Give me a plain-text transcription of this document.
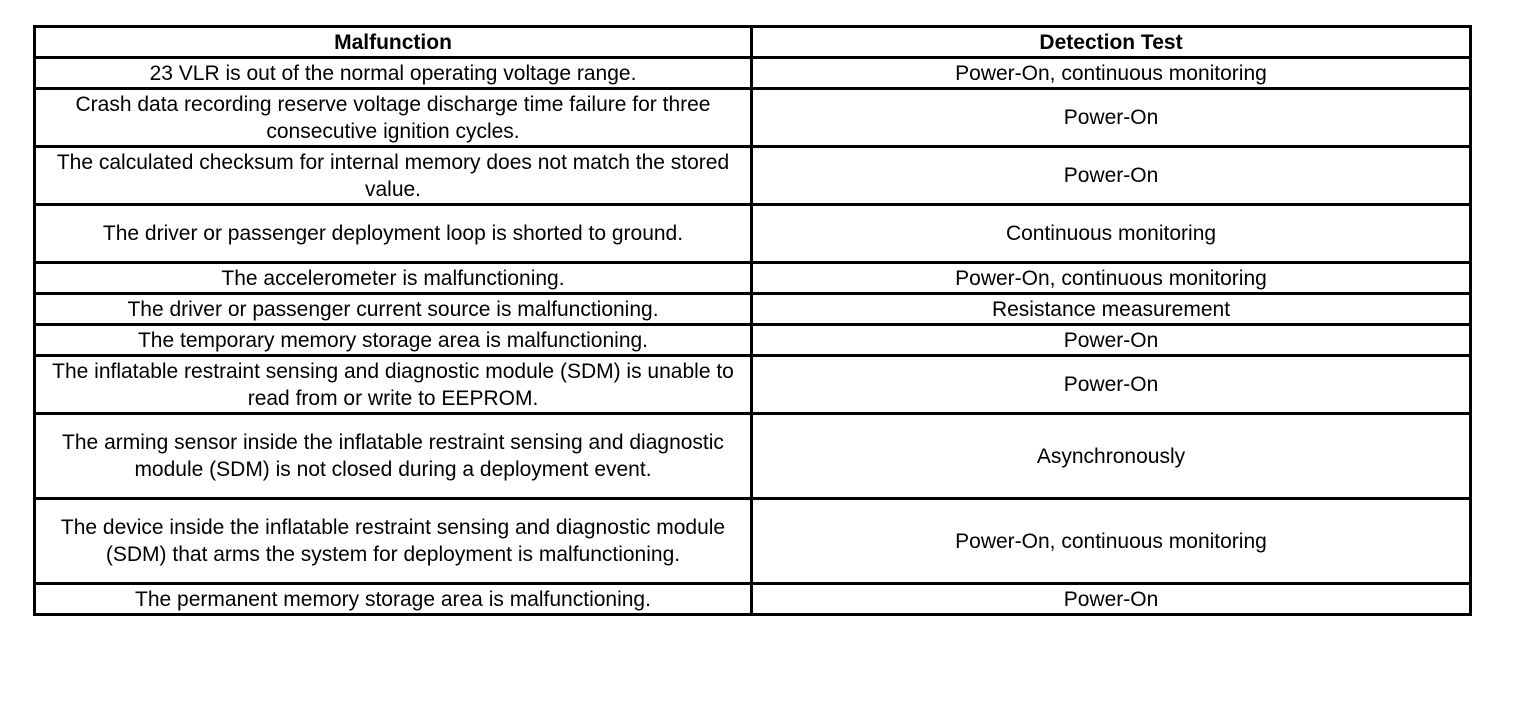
Malfunction	Detection Test
23 VLR is out of the normal operating voltage range.	Power-On, continuous monitoring
Crash data recording reserve voltage discharge time failure for three consecutive ignition cycles.	Power-On
The calculated checksum for internal memory does not match the stored value.	Power-On
The driver or passenger deployment loop is shorted to ground.	Continuous monitoring
The accelerometer is malfunctioning.	Power-On, continuous monitoring
The driver or passenger current source is malfunctioning.	Resistance measurement
The temporary memory storage area is malfunctioning.	Power-On
The inflatable restraint sensing and diagnostic module (SDM) is unable to read from or write to EEPROM.	Power-On
The arming sensor inside the inflatable restraint sensing and diagnostic module (SDM) is not closed during a deployment event.	Asynchronously
The device inside the inflatable restraint sensing and diagnostic module (SDM) that arms the system for deployment is malfunctioning.	Power-On, continuous monitoring
The permanent memory storage area is malfunctioning.	Power-On
